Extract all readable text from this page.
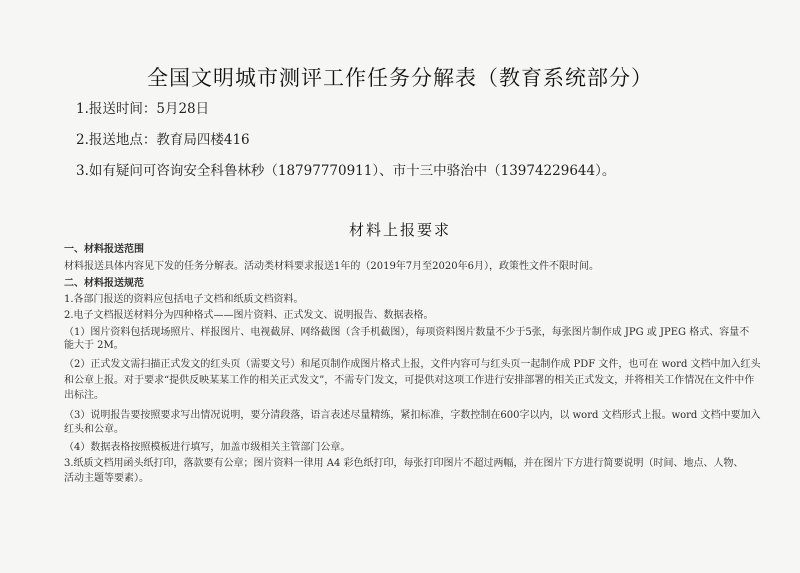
全国文明城市测评工作任务分解表（教育系统部分）
1.报送时间：5月28日
2.报送地点：教育局四楼416
3.如有疑问可咨询安全科鲁林秒（18797770911）、市十三中骆治中（13974229644）。
材料上报要求
一、材料报送范围
材料报送具体内容见下发的任务分解表。活动类材料要求报送1年的（2019年7月至2020年6月），政策性文件不限时间。
二、材料报送规范
1.各部门报送的资料应包括电子文档和纸质文档资料。
2.电子文档报送材料分为四种格式——图片资料、正式发文、说明报告、数据表格。
（1）图片资料包括现场照片、样报图片、电视截屏、网络截图（含手机截图），每项资料图片数量不少于5张，每张图片制作成 JPG 或 JPEG 格式、容量不
能大于 2M。
（2）正式发文需扫描正式发文的红头页（需要文号）和尾页制作成图片格式上报，文件内容可与红头页一起制作成 PDF 文件，也可在 word 文档中加入红头
和公章上报。对于要求“提供反映某某工作的相关正式发文”，不需专门发文，可提供对这项工作进行安排部署的相关正式发文，并将相关工作情况在文件中作
出标注。
（3）说明报告要按照要求写出情况说明，要分清段落，语言表述尽量精练，紧扣标准，字数控制在600字以内，以 word 文档形式上报。word 文档中要加入
红头和公章。
（4）数据表格按照模板进行填写，加盖市级相关主管部门公章。
3.纸质文档用函头纸打印，落款要有公章；图片资料一律用 A4 彩色纸打印，每张打印图片不超过两幅，并在图片下方进行简要说明（时间、地点、人物、
活动主题等要素）。
